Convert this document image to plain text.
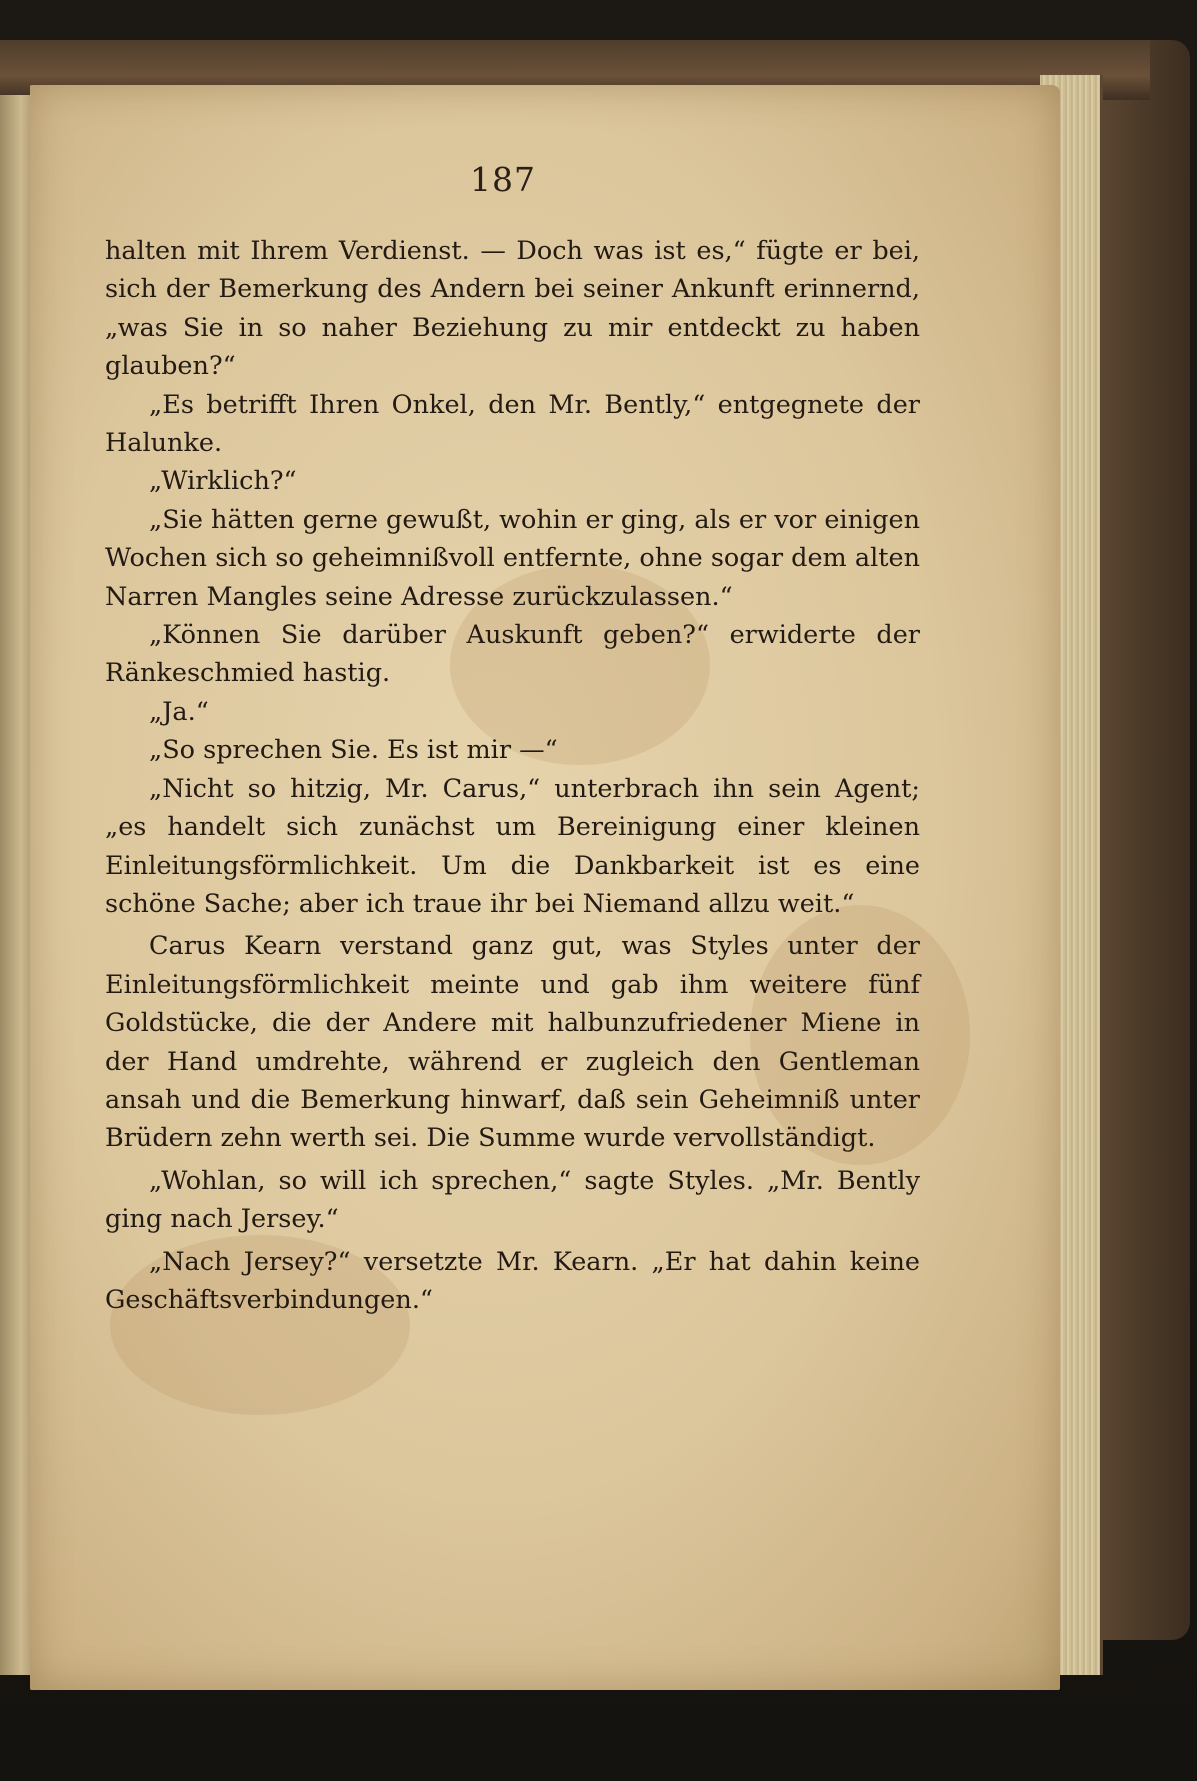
187

halten mit Ihrem Verdienst. — Doch was ist es,“ fügte er bei, sich der Bemerkung des Andern bei seiner Ankunft erinnernd, „was Sie in so naher Beziehung zu mir entdeckt zu haben glauben?“

„Es betrifft Ihren Onkel, den Mr. Bently,“ entgegnete der Halunke.

„Wirklich?“

„Sie hätten gerne gewußt, wohin er ging, als er vor einigen Wochen sich so geheimnißvoll entfernte, ohne sogar dem alten Narren Mangles seine Adresse zurückzulassen.“

„Können Sie darüber Auskunft geben?“ erwiderte der Ränkeschmied hastig.

„Ja.“

„So sprechen Sie. Es ist mir —“

„Nicht so hitzig, Mr. Carus,“ unterbrach ihn sein Agent; „es handelt sich zunächst um Bereinigung einer kleinen Einleitungsförmlichkeit. Um die Dankbarkeit ist es eine schöne Sache; aber ich traue ihr bei Niemand allzu weit.“

Carus Kearn verstand ganz gut, was Styles unter der Einleitungsförmlichkeit meinte und gab ihm weitere fünf Goldstücke, die der Andere mit halbunzufriedener Miene in der Hand umdrehte, während er zugleich den Gentleman ansah und die Bemerkung hinwarf, daß sein Geheimniß unter Brüdern zehn werth sei. Die Summe wurde vervollständigt.

„Wohlan, so will ich sprechen,“ sagte Styles. „Mr. Bently ging nach Jersey.“

„Nach Jersey?“ versetzte Mr. Kearn. „Er hat dahin keine Geschäftsverbindungen.“
